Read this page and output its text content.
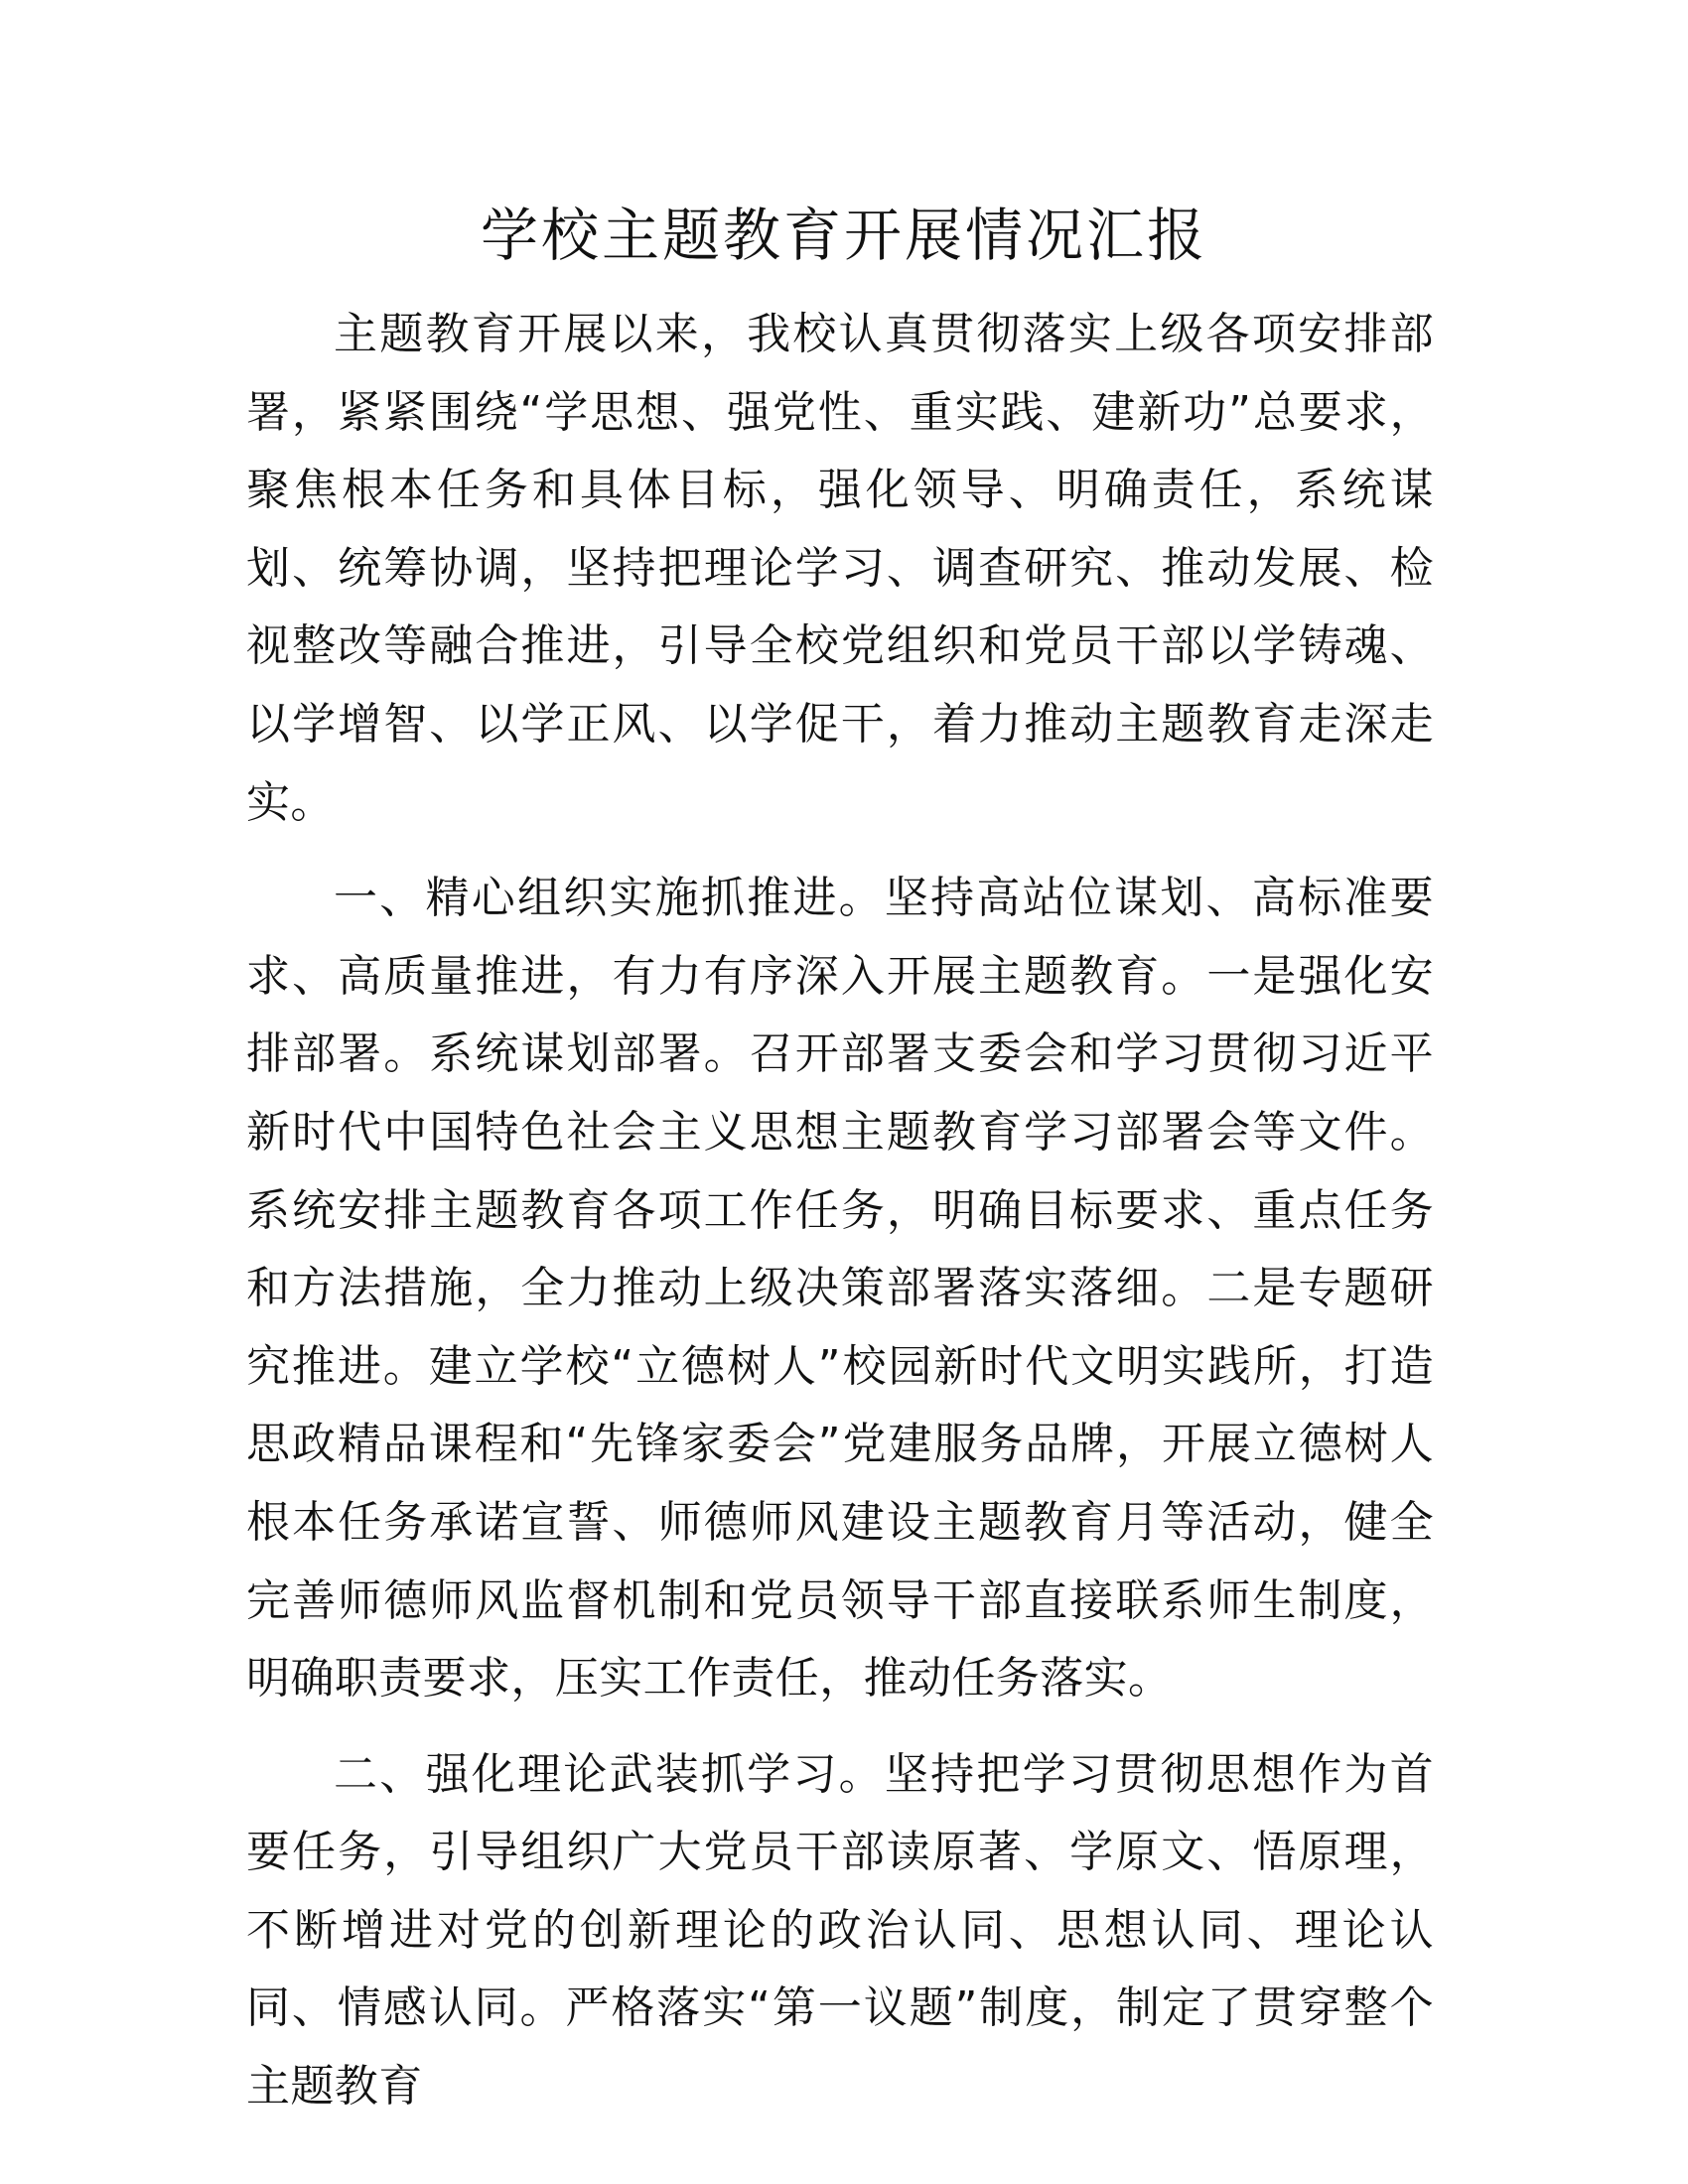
学校主题教育开展情况汇报

主题教育开展以来，我校认真贯彻落实上级各项安排部署，紧紧围绕“学思想、强党性、重实践、建新功”总要求，聚焦根本任务和具体目标，强化领导、明确责任，系统谋划、统筹协调，坚持把理论学习、调查研究、推动发展、检视整改等融合推进，引导全校党组织和党员干部以学铸魂、以学增智、以学正风、以学促干，着力推动主题教育走深走实。

一、精心组织实施抓推进。坚持高站位谋划、高标准要求、高质量推进，有力有序深入开展主题教育。一是强化安排部署。系统谋划部署。召开部署支委会和学习贯彻习近平新时代中国特色社会主义思想主题教育学习部署会等文件。系统安排主题教育各项工作任务，明确目标要求、重点任务和方法措施，全力推动上级决策部署落实落细。二是专题研究推进。建立学校“立德树人”校园新时代文明实践所，打造思政精品课程和“先锋家委会”党建服务品牌，开展立德树人根本任务承诺宣誓、师德师风建设主题教育月等活动，健全完善师德师风监督机制和党员领导干部直接联系师生制度，明确职责要求，压实工作责任，推动任务落实。

二、强化理论武装抓学习。坚持把学习贯彻思想作为首要任务，引导组织广大党员干部读原著、学原文、悟原理，不断增进对党的创新理论的政治认同、思想认同、理论认同、情感认同。严格落实“第一议题”制度，制定了贯穿整个主题教育
